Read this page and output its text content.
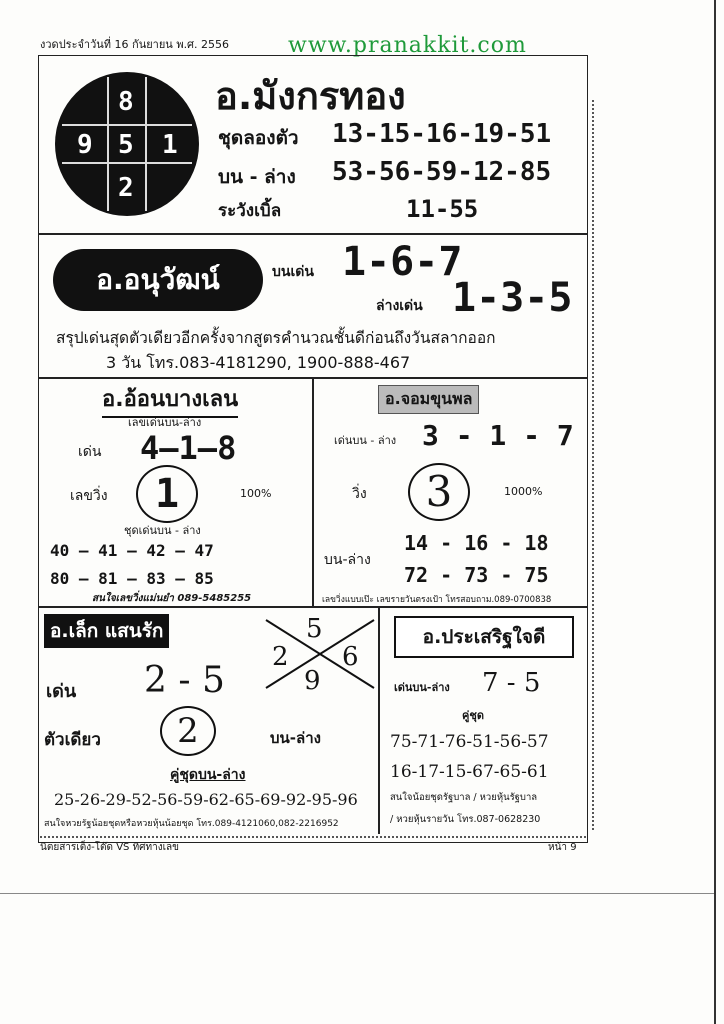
งวดประจำวันที่ 16 กันยายน พ.ศ. 2556	www.pranakkit.com
8
9 5 1
2
อ.มังกรทอง
ชุดลองตัว 13-15-16-19-51
บน - ล่าง 53-56-59-12-85
ระวังเบิ้ล	11-55
อ.อนุวัฒน์	บนเด่น 1-6-7
ล่างเด่น 1-3-5
สรุปเด่นสุดตัวเดียวอีกครั้งจากสูตรคำนวณชั้นดีก่อนถึงวันสลากออก
3 วัน โทร.083-4181290, 1900-888-467
อ.อ้อนบางเลน
เลขเด่นบน-ล่าง
เด่น 4–1–8
เลขวิ่ง	1	100%
ชุดเด่นบน - ล่าง
40 – 41 – 42 – 47
80 – 81 – 83 – 85
สนใจเลขวิ่งแม่นยำ 089-5485255
อ.จอมขุนพล
เด่นบน - ล่าง 3 - 1 - 7
วิ่ง	3	1000%
บน-ล่าง
14 - 16 - 18
72 - 73 - 75
เลขวิ่งแบบเป๊ะ เลขรายวันตรงเป้า โทรสอบถาม.089-0700838
อ.เล็ก แสนรัก	5
2 6
9
เด่น 2 - 5
ตัวเดียว	2	บน-ล่าง
คู่ชุดบน-ล่าง
25-26-29-52-56-59-62-65-69-92-95-96
สนใจหวยรัฐน้อยชุดหรือหวยหุ้นน้อยชุด โทร.089-4121060,082-2216952
อ.ประเสริฐใจดี
เด่นบน-ล่าง 7 - 5
คู่ชุด
75-71-76-51-56-57
16-17-15-67-65-61
สนใจน้อยชุดรัฐบาล / หวยหุ้นรัฐบาล
/ หวยหุ้นรายวัน โทร.087-0628230
นิตยสารเต็ง-โต๊ด VS ทิศทางเลข	หน้า 9
